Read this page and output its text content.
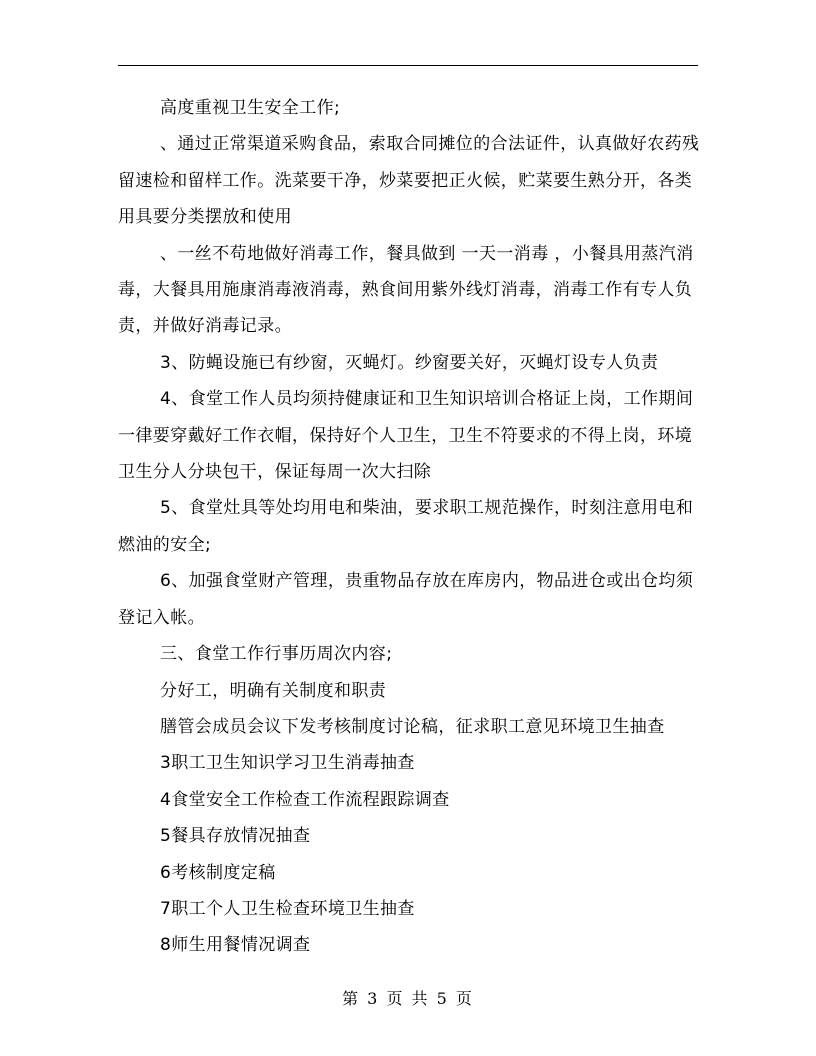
高度重视卫生安全工作;

、通过正常渠道采购食品，索取合同摊位的合法证件，认真做好农药残留速检和留样工作。洗菜要干净，炒菜要把正火候，贮菜要生熟分开，各类用具要分类摆放和使用

、一丝不苟地做好消毒工作，餐具做到 一天一消毒 ，小餐具用蒸汽消毒，大餐具用施康消毒液消毒，熟食间用紫外线灯消毒，消毒工作有专人负责，并做好消毒记录。

3、防蝇设施已有纱窗，灭蝇灯。纱窗要关好，灭蝇灯设专人负责

4、食堂工作人员均须持健康证和卫生知识培训合格证上岗，工作期间一律要穿戴好工作衣帽，保持好个人卫生，卫生不符要求的不得上岗，环境卫生分人分块包干，保证每周一次大扫除

5、食堂灶具等处均用电和柴油，要求职工规范操作，时刻注意用电和燃油的安全;

6、加强食堂财产管理，贵重物品存放在库房内，物品进仓或出仓均须登记入帐。

三、食堂工作行事历周次内容;

分好工，明确有关制度和职责

膳管会成员会议下发考核制度讨论稿，征求职工意见环境卫生抽查

3职工卫生知识学习卫生消毒抽查

4食堂安全工作检查工作流程跟踪调查

5餐具存放情况抽查

6考核制度定稿

7职工个人卫生检查环境卫生抽查

8师生用餐情况调查

第 3 页 共 5 页
